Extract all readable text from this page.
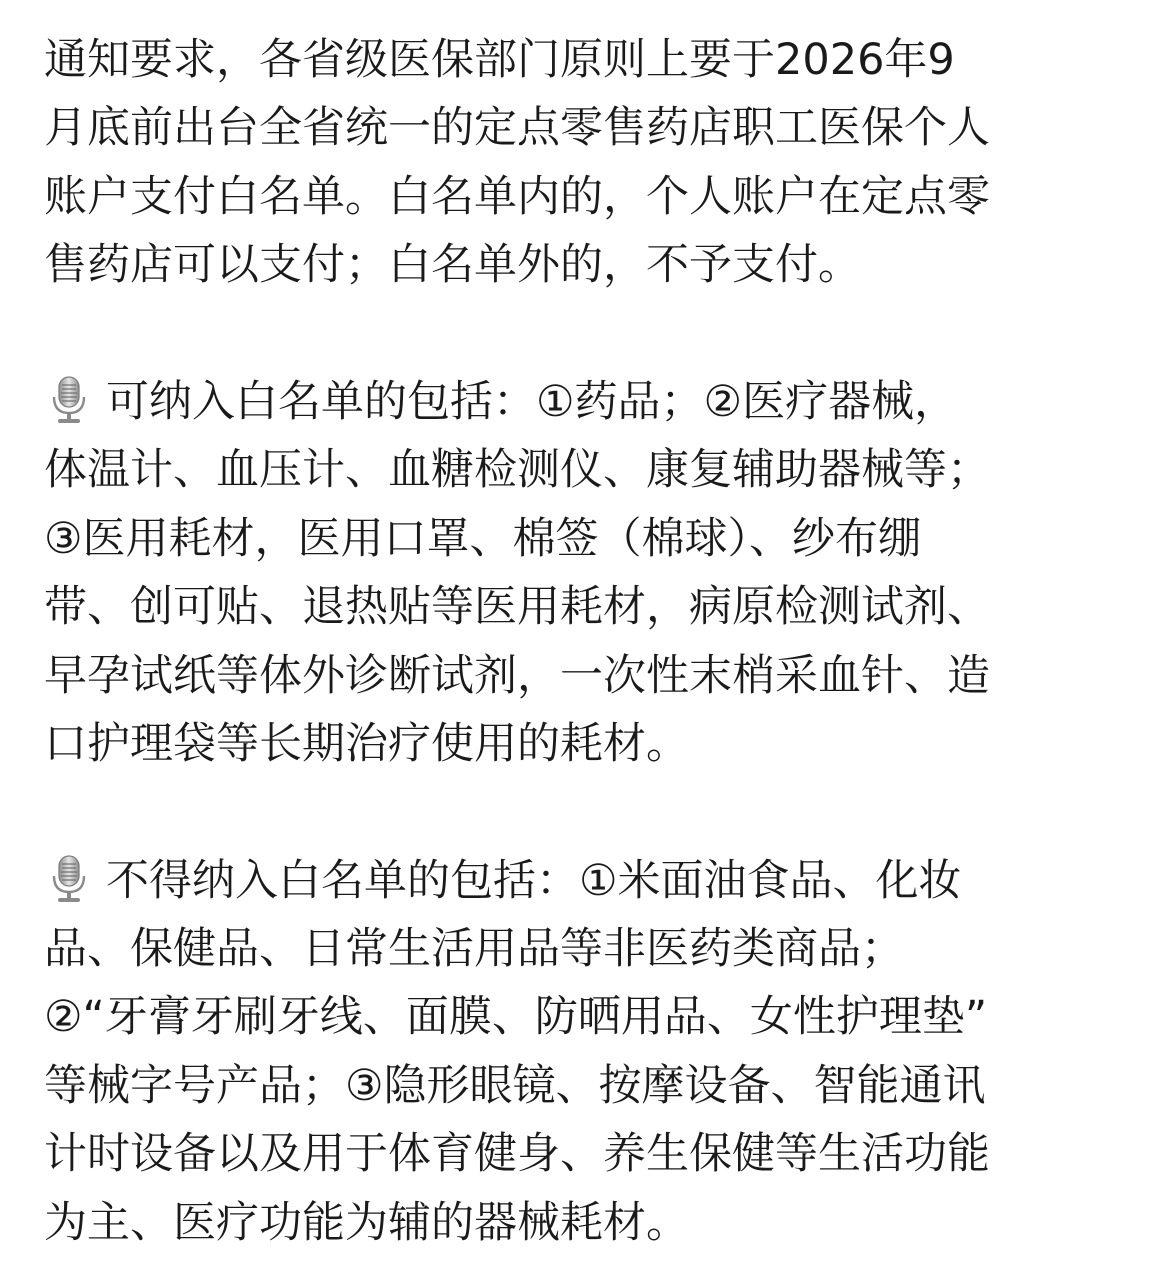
通知要求，各省级医保部门原则上要于2026年9
月底前出台全省统一的定点零售药店职工医保个人
账户支付白名单。白名单内的，个人账户在定点零
售药店可以支付；白名单外的，不予支付。
可纳入白名单的包括：①药品；②医疗器械，
体温计、血压计、血糖检测仪、康复辅助器械等；
③医用耗材，医用口罩、棉签（棉球）、纱布绷
带、创可贴、退热贴等医用耗材，病原检测试剂、
早孕试纸等体外诊断试剂，一次性末梢采血针、造
口护理袋等长期治疗使用的耗材。
不得纳入白名单的包括：①米面油食品、化妆
品、保健品、日常生活用品等非医药类商品；
②“牙膏牙刷牙线、面膜、防晒用品、女性护理垫”
等械字号产品；③隐形眼镜、按摩设备、智能通讯
计时设备以及用于体育健身、养生保健等生活功能
为主、医疗功能为辅的器械耗材。
